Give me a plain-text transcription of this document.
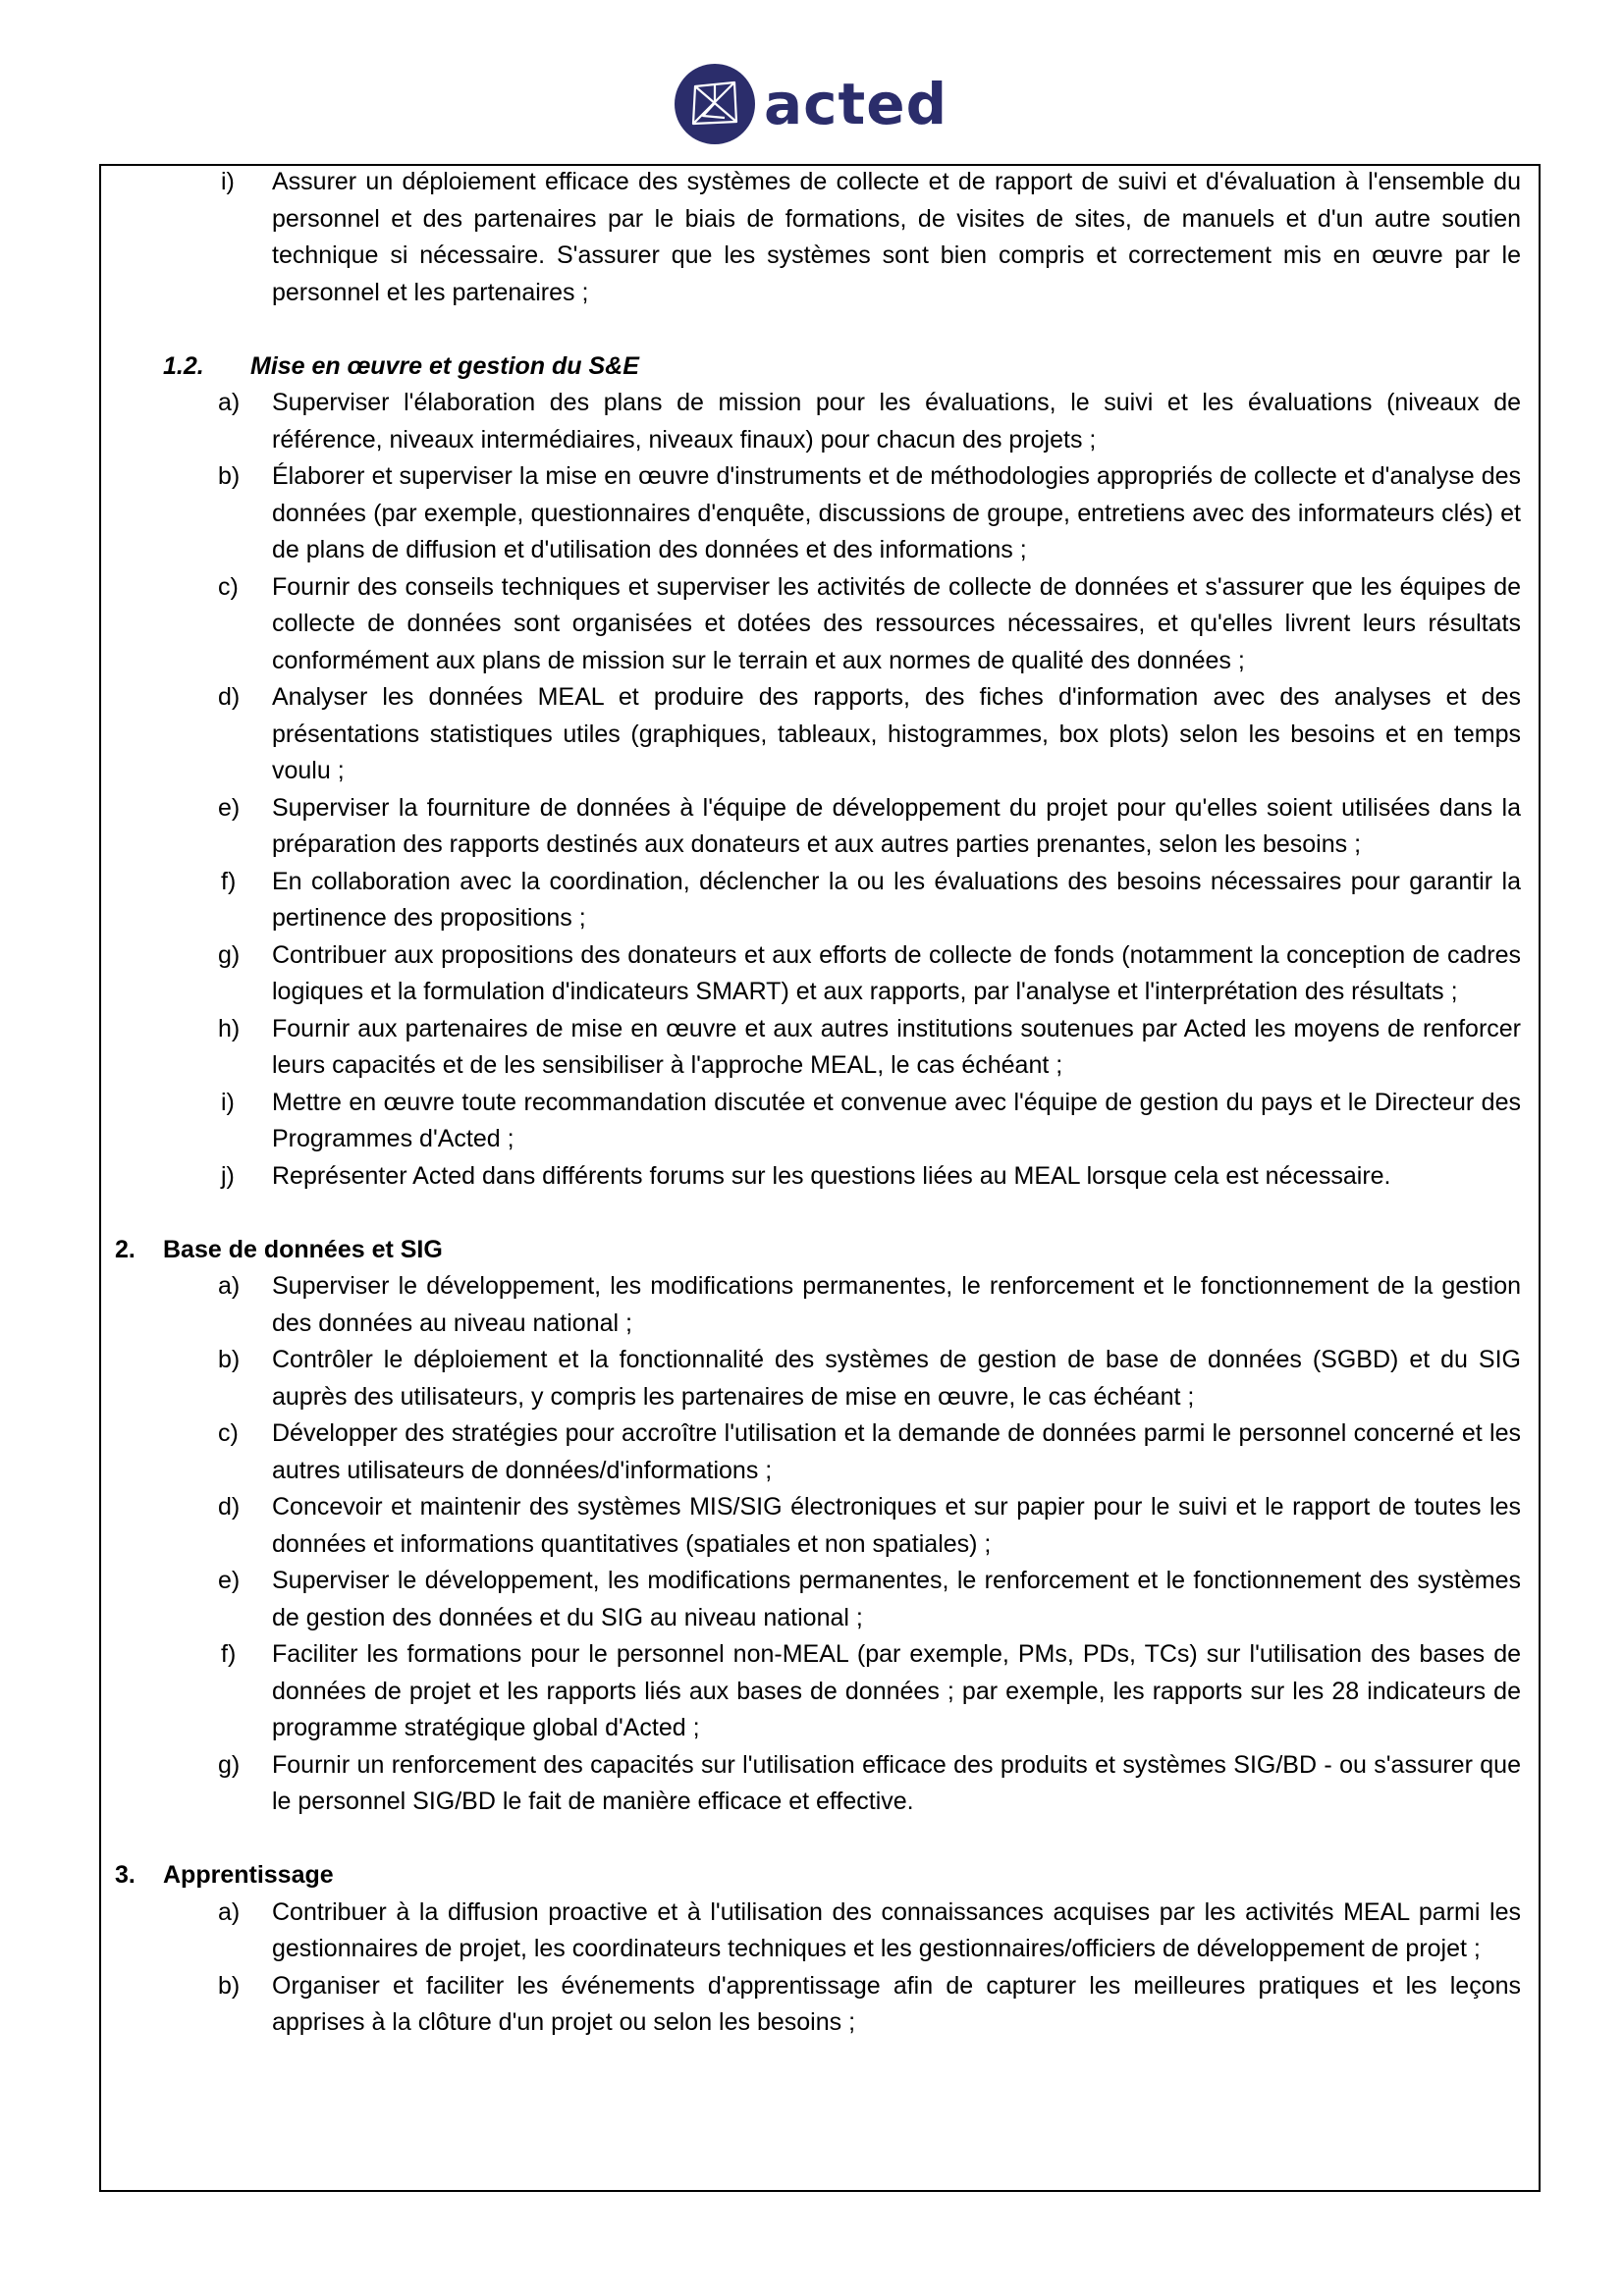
acted
i)	Assurer un déploiement efficace des systèmes de collecte et de rapport de suivi et d'évaluation à l'ensemble du personnel et des partenaires par le biais de formations, de visites de sites, de manuels et d'un autre soutien technique si nécessaire. S'assurer que les systèmes sont bien compris et correctement mis en œuvre par le personnel et les partenaires ;
1.2. Mise en œuvre et gestion du S&E
a)	Superviser l'élaboration des plans de mission pour les évaluations, le suivi et les évaluations (niveaux de référence, niveaux intermédiaires, niveaux finaux) pour chacun des projets ;
b)	Élaborer et superviser la mise en œuvre d'instruments et de méthodologies appropriés de collecte et d'analyse des données (par exemple, questionnaires d'enquête, discussions de groupe, entretiens avec des informateurs clés) et de plans de diffusion et d'utilisation des données et des informations ;
c)	Fournir des conseils techniques et superviser les activités de collecte de données et s'assurer que les équipes de collecte de données sont organisées et dotées des ressources nécessaires, et qu'elles livrent leurs résultats conformément aux plans de mission sur le terrain et aux normes de qualité des données ;
d)	Analyser les données MEAL et produire des rapports, des fiches d'information avec des analyses et des présentations statistiques utiles (graphiques, tableaux, histogrammes, box plots) selon les besoins et en temps voulu ;
e)	Superviser la fourniture de données à l'équipe de développement du projet pour qu'elles soient utilisées dans la préparation des rapports destinés aux donateurs et aux autres parties prenantes, selon les besoins ;
f)	En collaboration avec la coordination, déclencher la ou les évaluations des besoins nécessaires pour garantir la pertinence des propositions ;
g)	Contribuer aux propositions des donateurs et aux efforts de collecte de fonds (notamment la conception de cadres logiques et la formulation d'indicateurs SMART) et aux rapports, par l'analyse et l'interprétation des résultats ;
h)	Fournir aux partenaires de mise en œuvre et aux autres institutions soutenues par Acted les moyens de renforcer leurs capacités et de les sensibiliser à l'approche MEAL, le cas échéant ;
i)	Mettre en œuvre toute recommandation discutée et convenue avec l'équipe de gestion du pays et le Directeur des Programmes d'Acted ;
j)	Représenter Acted dans différents forums sur les questions liées au MEAL lorsque cela est nécessaire.
2. Base de données et SIG
a)	Superviser le développement, les modifications permanentes, le renforcement et le fonctionnement de la gestion des données au niveau national ;
b)	Contrôler le déploiement et la fonctionnalité des systèmes de gestion de base de données (SGBD) et du SIG auprès des utilisateurs, y compris les partenaires de mise en œuvre, le cas échéant ;
c)	Développer des stratégies pour accroître l'utilisation et la demande de données parmi le personnel concerné et les autres utilisateurs de données/d'informations ;
d)	Concevoir et maintenir des systèmes MIS/SIG électroniques et sur papier pour le suivi et le rapport de toutes les données et informations quantitatives (spatiales et non spatiales) ;
e)	Superviser le développement, les modifications permanentes, le renforcement et le fonctionnement des systèmes de gestion des données et du SIG au niveau national ;
f)	Faciliter les formations pour le personnel non-MEAL (par exemple, PMs, PDs, TCs) sur l'utilisation des bases de données de projet et les rapports liés aux bases de données ; par exemple, les rapports sur les 28 indicateurs de programme stratégique global d'Acted ;
g)	Fournir un renforcement des capacités sur l'utilisation efficace des produits et systèmes SIG/BD - ou s'assurer que le personnel SIG/BD le fait de manière efficace et effective.
3. Apprentissage
a)	Contribuer à la diffusion proactive et à l'utilisation des connaissances acquises par les activités MEAL parmi les gestionnaires de projet, les coordinateurs techniques et les gestionnaires/officiers de développement de projet ;
b)	Organiser et faciliter les événements d'apprentissage afin de capturer les meilleures pratiques et les leçons apprises à la clôture d'un projet ou selon les besoins ;
